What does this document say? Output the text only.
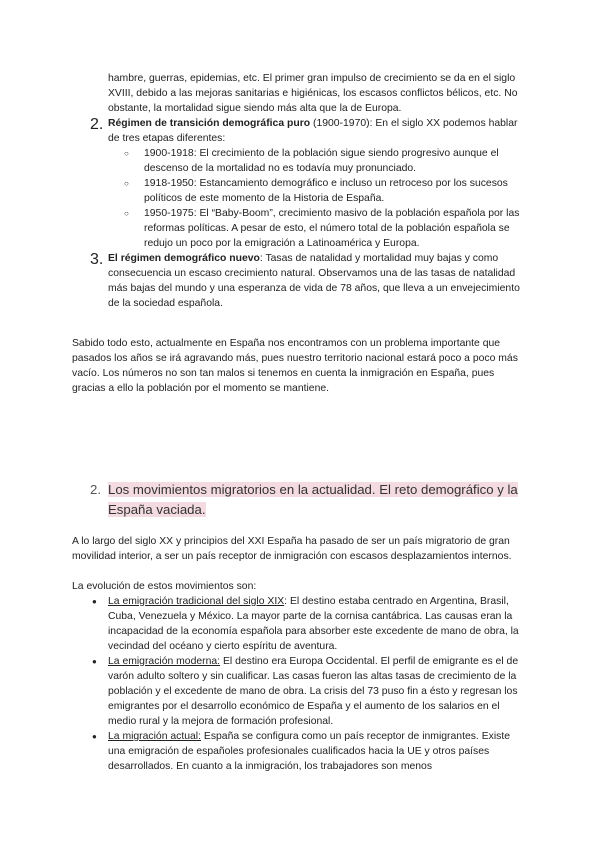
hambre, guerras, epidemias, etc. El primer gran impulso de crecimiento se da en el siglo XVIII, debido a las mejoras sanitarias e higiénicas, los escasos conflictos bélicos, etc. No obstante, la mortalidad sigue siendo más alta que la de Europa.

2. Régimen de transición demográfica puro (1900-1970): En el siglo XX podemos hablar de tres etapas diferentes:

○ 1900-1918: El crecimiento de la población sigue siendo progresivo aunque el descenso de la mortalidad no es todavía muy pronunciado.
○ 1918-1950: Estancamiento demográfico e incluso un retroceso por los sucesos políticos de este momento de la Historia de España.
○ 1950-1975: El “Baby-Boom”, crecimiento masivo de la población española por las reformas políticas. A pesar de esto, el número total de la población española se redujo un poco por la emigración a Latinoamérica y Europa.
3. El régimen demográfico nuevo: Tasas de natalidad y mortalidad muy bajas y como consecuencia un escaso crecimiento natural. Observamos una de las tasas de natalidad más bajas del mundo y una esperanza de vida de 78 años, que lleva a un envejecimiento de la sociedad española.

Sabido todo esto, actualmente en España nos encontramos con un problema importante que pasados los años se irá agravando más, pues nuestro territorio nacional estará poco a poco más vacío. Los números no son tan malos si tenemos en cuenta la inmigración en España, pues gracias a ello la población por el momento se mantiene.

2. Los movimientos migratorios en la actualidad. El reto demográfico y la España vaciada.

A lo largo del siglo XX y principios del XXI España ha pasado de ser un país migratorio de gran movilidad interior, a ser un país receptor de inmigración con escasos desplazamientos internos.

La evolución de estos movimientos son:

● La emigración tradicional del siglo XIX: El destino estaba centrado en Argentina, Brasil, Cuba, Venezuela y México. La mayor parte de la cornisa cantábrica. Las causas eran la incapacidad de la economía española para absorber este excedente de mano de obra, la vecindad del océano y cierto espíritu de aventura.
● La emigración moderna: El destino era Europa Occidental. El perfil de emigrante es el de varón adulto soltero y sin cualificar. Las casas fueron las altas tasas de crecimiento de la población y el excedente de mano de obra. La crisis del 73 puso fin a ésto y regresan los emigrantes por el desarrollo económico de España y el aumento de los salarios en el medio rural y la mejora de formación profesional.
● La migración actual: España se configura como un país receptor de inmigrantes. Existe una emigración de españoles profesionales cualificados hacia la UE y otros países desarrollados. En cuanto a la inmigración, los trabajadores son menos
